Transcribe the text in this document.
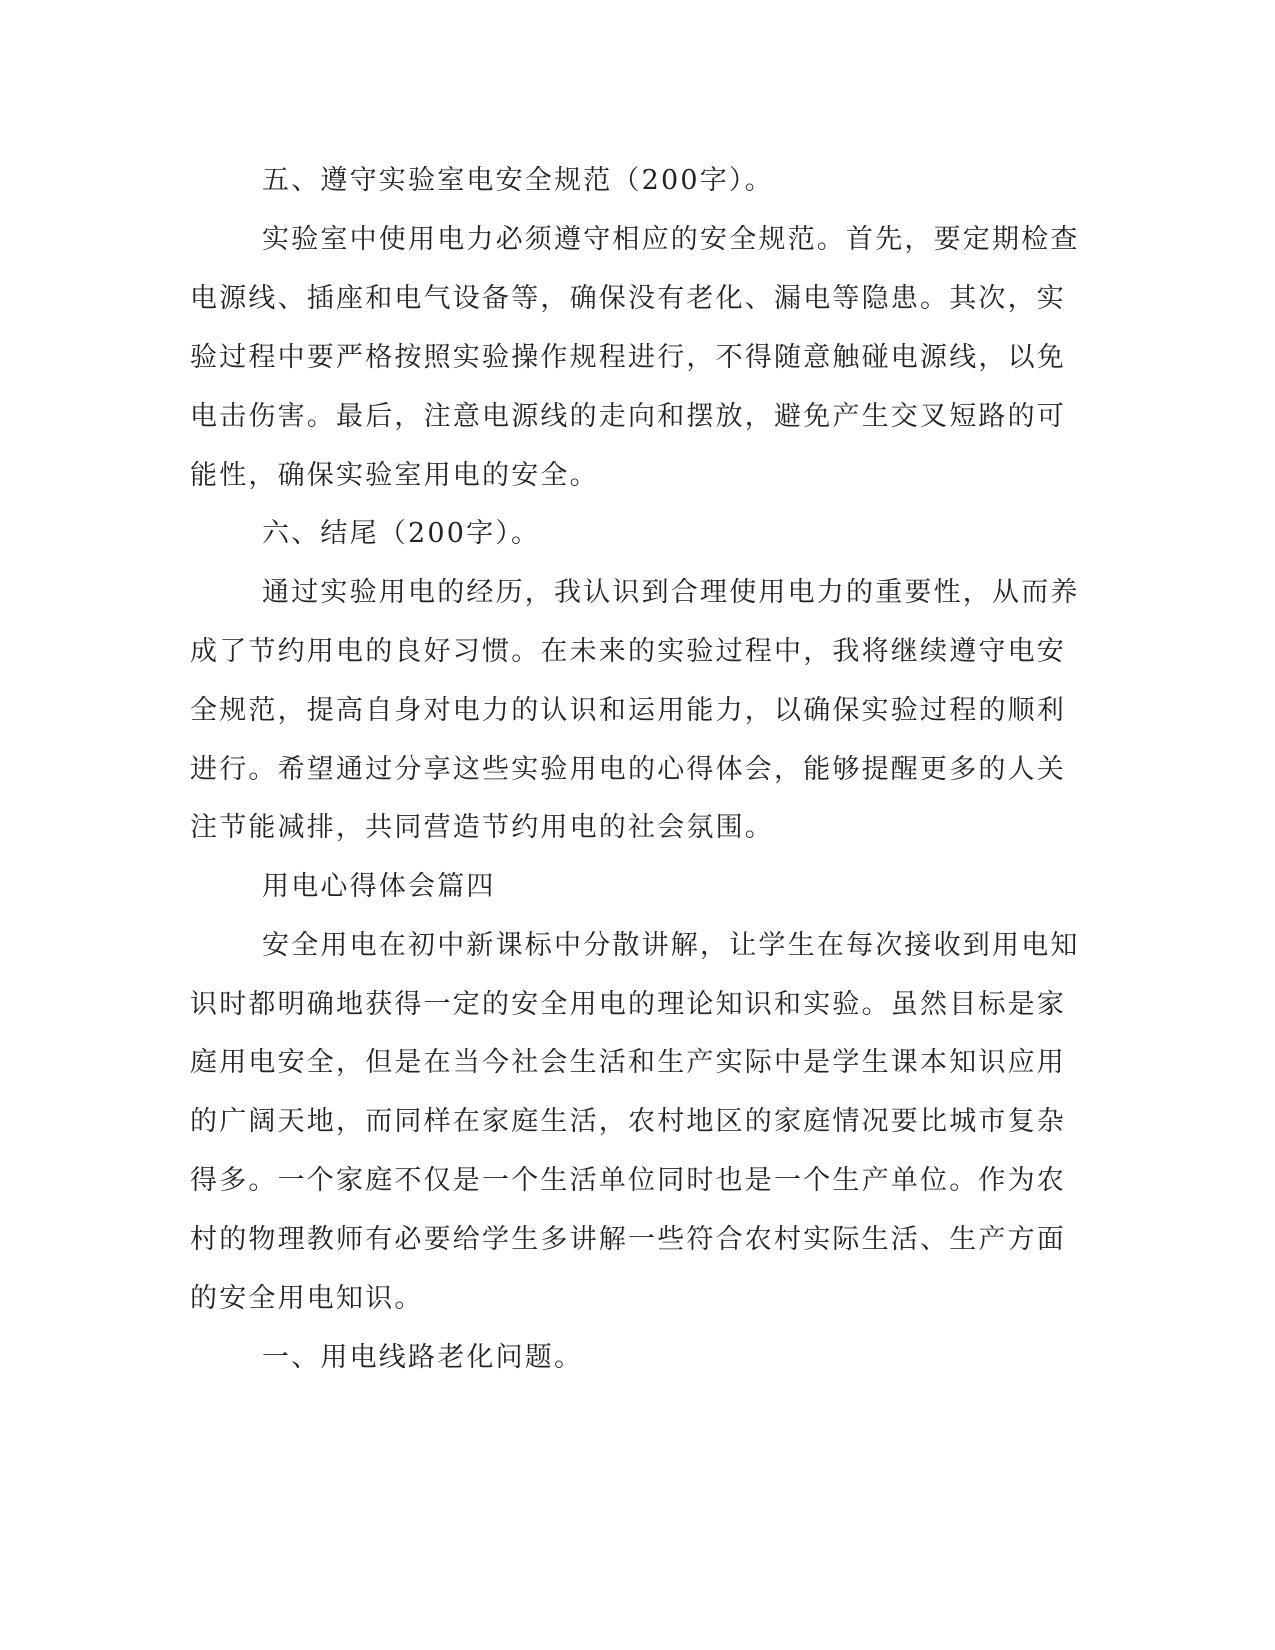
五、遵守实验室电安全规范（200字）。
实验室中使用电力必须遵守相应的安全规范。首先，要定期检查
电源线、插座和电气设备等，确保没有老化、漏电等隐患。其次，实
验过程中要严格按照实验操作规程进行，不得随意触碰电源线，以免
电击伤害。最后，注意电源线的走向和摆放，避免产生交叉短路的可
能性，确保实验室用电的安全。
六、结尾（200字）。
通过实验用电的经历，我认识到合理使用电力的重要性，从而养
成了节约用电的良好习惯。在未来的实验过程中，我将继续遵守电安
全规范，提高自身对电力的认识和运用能力，以确保实验过程的顺利
进行。希望通过分享这些实验用电的心得体会，能够提醒更多的人关
注节能减排，共同营造节约用电的社会氛围。
用电心得体会篇四
安全用电在初中新课标中分散讲解，让学生在每次接收到用电知
识时都明确地获得一定的安全用电的理论知识和实验。虽然目标是家
庭用电安全，但是在当今社会生活和生产实际中是学生课本知识应用
的广阔天地，而同样在家庭生活，农村地区的家庭情况要比城市复杂
得多。一个家庭不仅是一个生活单位同时也是一个生产单位。作为农
村的物理教师有必要给学生多讲解一些符合农村实际生活、生产方面
的安全用电知识。
一、用电线路老化问题。
